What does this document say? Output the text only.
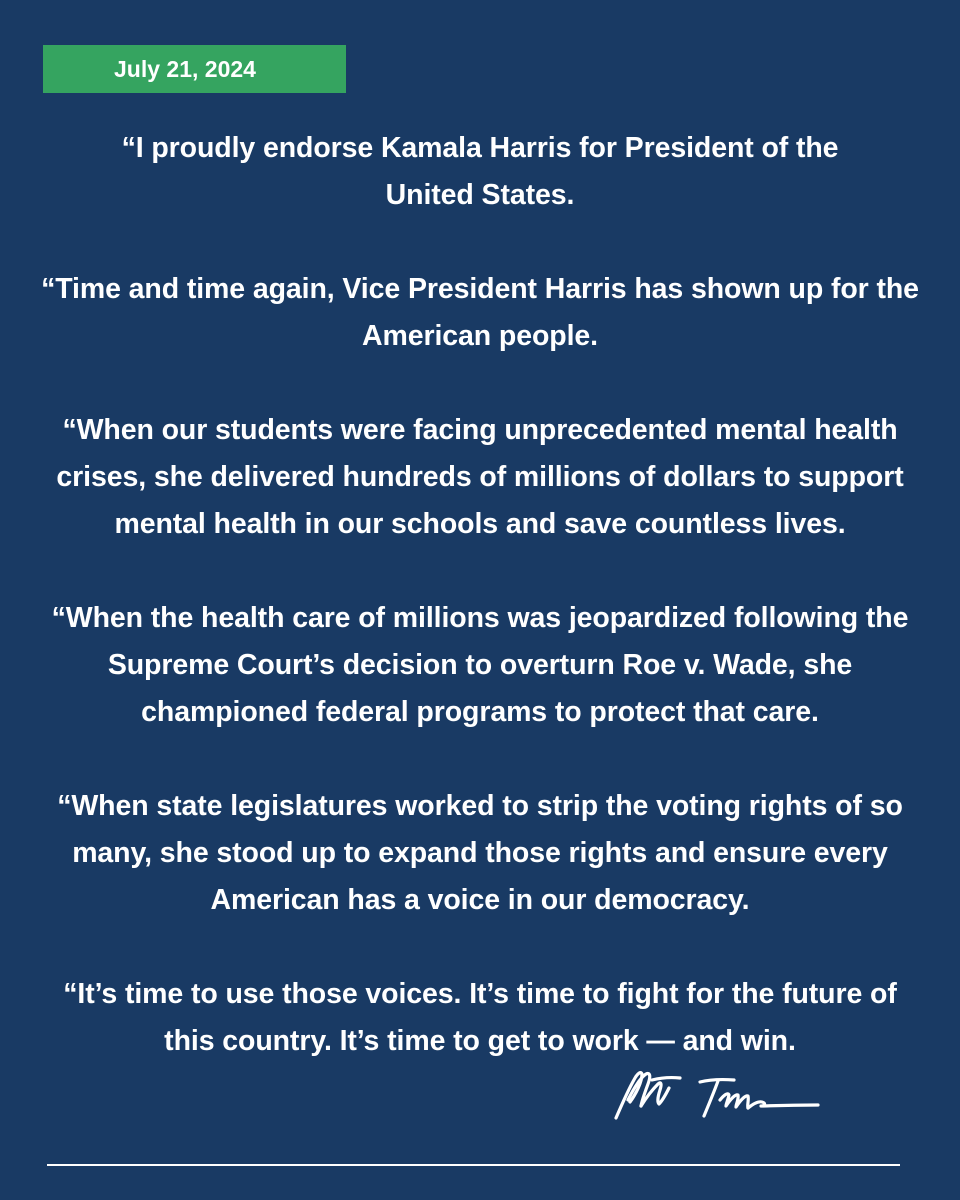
July 21, 2024

“I proudly endorse Kamala Harris for President of the
United States.

“Time and time again, Vice President Harris has shown up for the
American people.

“When our students were facing unprecedented mental health
crises, she delivered hundreds of millions of dollars to support
mental health in our schools and save countless lives.

“When the health care of millions was jeopardized following the
Supreme Court’s decision to overturn Roe v. Wade, she
championed federal programs to protect that care.

“When state legislatures worked to strip the voting rights of so
many, she stood up to expand those rights and ensure every
American has a voice in our democracy.

“It’s time to use those voices. It’s time to fight for the future of
this country. It’s time to get to work — and win.
